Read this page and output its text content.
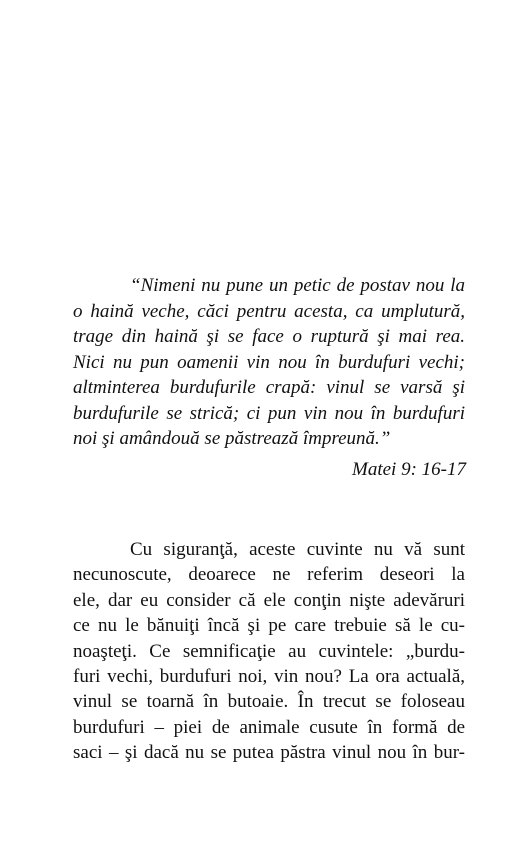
“Nimeni nu pune un petic de postav nou la
o haină veche, căci pentru acesta, ca umplutură,
trage din haină şi se face o ruptură şi mai rea.
Nici nu pun oamenii vin nou în burdufuri vechi;
altminterea burdufurile crapă: vinul se varsă şi
burdufurile se strică; ci pun vin nou în burdufuri
noi şi amândouă se păstrează împreună.”
Matei 9: 16-17
Cu siguranţă, aceste cuvinte nu vă sunt
necunoscute, deoarece ne referim deseori la
ele, dar eu consider că ele conţin nişte adevăruri
ce nu le bănuiţi încă şi pe care trebuie să le cu-
noaşteţi. Ce semnificaţie au cuvintele: „burdu-
furi vechi, burdufuri noi, vin nou? La ora actuală,
vinul se toarnă în butoaie. În trecut se foloseau
burdufuri – piei de animale cusute în formă de
saci – şi dacă nu se putea păstra vinul nou în bur-
